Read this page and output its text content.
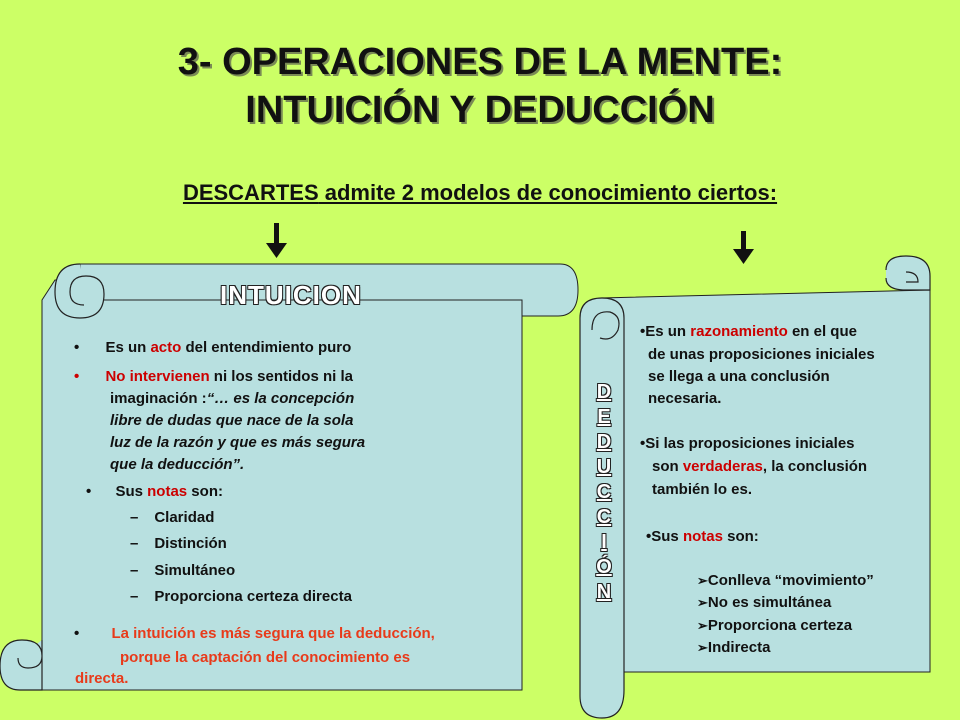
3- OPERACIONES DE LA MENTE:
INTUICIÓN Y DEDUCCIÓN
DESCARTES admite 2 modelos de conocimiento ciertos:
INTUICION
• Es un acto del entendimiento puro
• No intervienen ni los sentidos ni la
imaginación :“… es la concepción
libre de dudas que nace de la sola
luz de la razón y que es más segura
que la deducción”.
• Sus notas son:
– Claridad
– Distinción
– Simultáneo
– Proporciona certeza directa
• La intuición es más segura que la deducción,
porque la captación del conocimiento es
directa.
D
E
D
U
C
C
I
Ó
N
•Es un razonamiento en el que
de unas proposiciones iniciales
se llega a una conclusión
necesaria.
•Si las proposiciones iniciales
son verdaderas, la conclusión
también lo es.
•Sus notas son:
➢Conlleva “movimiento”
➢No es simultánea
➢Proporciona certeza
➢Indirecta
